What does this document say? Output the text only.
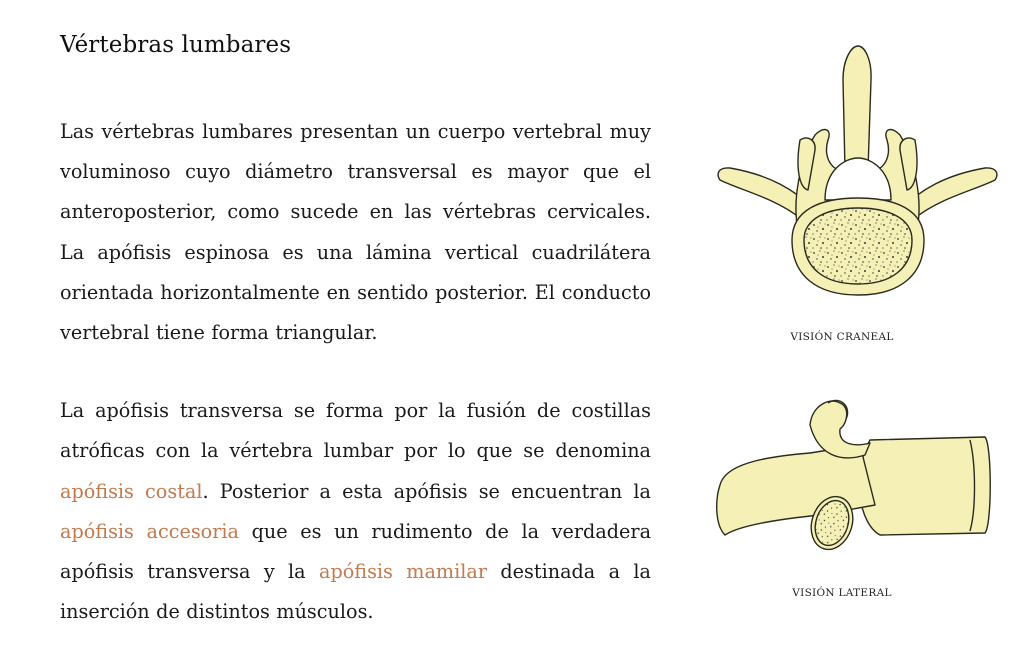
Vértebras lumbares

Las vértebras lumbares presentan un cuerpo vertebral muy voluminoso cuyo diámetro transversal es mayor que el anteroposterior, como sucede en las vértebras cervicales. La apófisis espinosa es una lámina vertical cuadrilátera orientada horizontalmente en sentido posterior. El conducto vertebral tiene forma triangular.

La apófisis transversa se forma por la fusión de costillas atróficas con la vértebra lumbar por lo que se denomina apófisis costal. Posterior a esta apófisis se encuentran la apófisis accesoria que es un rudimento de la verdadera apófisis transversa y la apófisis mamilar destinada a la inserción de distintos músculos.

VISIÓN CRANEAL
VISIÓN LATERAL
